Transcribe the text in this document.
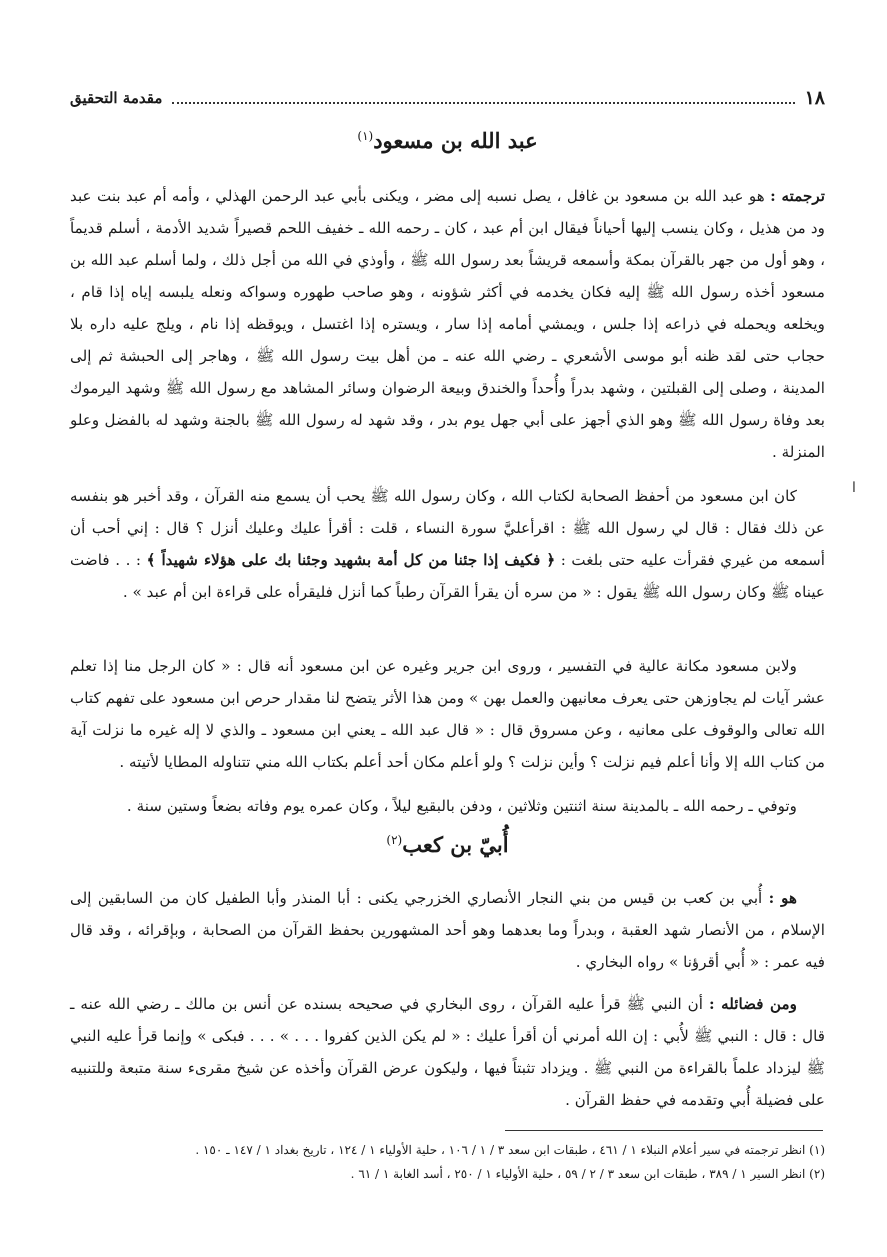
١٨
مقدمة التحقيق
عبد الله بن مسعود$^{(١)}$
ترجمته : هو عبد الله بن مسعود بن غافل ، يصل نسبه إلى مضر ، ويكنى بأبي عبد الرحمن الهذلي ، وأمه أم عبد بنت عبد ود من هذيل ، وكان ينسب إليها أحياناً فيقال ابن أم عبد ، كان ـ رحمه الله ـ خفيف اللحم قصيراً شديد الأدمة ، أسلم قديماً ، وهو أول من جهر بالقرآن بمكة وأسمعه قريشاً بعد رسول الله ﷺ ، وأوذي في الله من أجل ذلك ، ولما أسلم عبد الله بن مسعود أخذه رسول الله ﷺ إليه فكان يخدمه في أكثر شؤونه ، وهو صاحب طهوره وسواكه ونعله يلبسه إياه إذا قام ، ويخلعه ويحمله في ذراعه إذا جلس ، ويمشي أمامه إذا سار ، ويستره إذا اغتسل ، ويوقظه إذا نام ، ويلج عليه داره بلا حجاب حتى لقد ظنه أبو موسى الأشعري ـ رضي الله عنه ـ من أهل بيت رسول الله ﷺ ، وهاجر إلى الحبشة ثم إلى المدينة ، وصلى إلى القبلتين ، وشهد بدراً وأُحداً والخندق وبيعة الرضوان وسائر المشاهد مع رسول الله ﷺ وشهد اليرموك بعد وفاة رسول الله ﷺ وهو الذي أجهز على أبي جهل يوم بدر ، وقد شهد له رسول الله ﷺ بالجنة وشهد له بالفضل وعلو المنزلة .
كان ابن مسعود من أحفظ الصحابة لكتاب الله ، وكان رسول الله ﷺ يحب أن يسمع منه القرآن ، وقد أخبر هو بنفسه عن ذلك فقال : قال لي رسول الله ﷺ : اقرأعليَّ سورة النساء ، قلت : أقرأ عليك وعليك أنزل ؟ قال : إني أحب أن أسمعه من غيري فقرأت عليه حتى بلغت : ﴿ فكيف إذا جئنا من كل أمة بشهيد وجئنا بك على هؤلاء شهيداً ﴾ : . . فاضت عيناه ﷺ وكان رسول الله ﷺ يقول : « من سره أن يقرأ القرآن رطباً كما أنزل فليقرأه على قراءة ابن أم عبد » .
ا
ولابن مسعود مكانة عالية في التفسير ، وروى ابن جرير وغيره عن ابن مسعود أنه قال : « كان الرجل منا إذا تعلم عشر آيات لم يجاوزهن حتى يعرف معانيهن والعمل بهن » ومن هذا الأثر يتضح لنا مقدار حرص ابن مسعود على تفهم كتاب الله تعالى والوقوف على معانيه ، وعن مسروق قال : « قال عبد الله ـ يعني ابن مسعود ـ والذي لا إله غيره ما نزلت آية من كتاب الله إلا وأنا أعلم فيم نزلت ؟ وأين نزلت ؟ ولو أعلم مكان أحد أعلم بكتاب الله مني تتناوله المطايا لأتيته .
وتوفي ـ رحمه الله ـ بالمدينة سنة اثنتين وثلاثين ، ودفن بالبقيع ليلاً ، وكان عمره يوم وفاته بضعاً وستين سنة .
أُبيّ بن كعب$^{(٢)}$
هو : أُبي بن كعب بن قيس من بني النجار الأنصاري الخزرجي يكنى : أبا المنذر وأبا الطفيل كان من السابقين إلى الإسلام ، من الأنصار شهد العقبة ، وبدراً وما بعدهما وهو أحد المشهورين بحفظ القرآن من الصحابة ، وبإقرائه ، وقد قال فيه عمر : « أُبي أقرؤنا » رواه البخاري .
ومن فضائله : أن النبي ﷺ قرأ عليه القرآن ، روى البخاري في صحيحه بسنده عن أنس بن مالك ـ رضي الله عنه ـ قال : قال : النبي ﷺ لأُبي : إن الله أمرني أن أقرأ عليك : « لم يكن الذين كفروا . . . » . . . فبكى » وإنما قرأ عليه النبي ﷺ ليزداد علماً بالقراءة من النبي ﷺ . ويزداد تثبتاً فيها ، وليكون عرض القرآن وأخذه عن شيخ مقرىء سنة متبعة وللتنبيه على فضيلة أُبي وتقدمه في حفظ القرآن .
(١) انظر ترجمته في سير أعلام النبلاء ١ / ٤٦١ ، طبقات ابن سعد ٣ / ١ / ١٠٦ ، حلية الأولياء ١ / ١٢٤ ، تاريخ بغداد ١ / ١٤٧ ـ ١٥٠ .
(٢) انظر السير ١ / ٣٨٩ ، طبقات ابن سعد ٣ / ٢ / ٥٩ ، حلية الأولياء ١ / ٢٥٠ ، أسد الغابة ١ / ٦١ .
